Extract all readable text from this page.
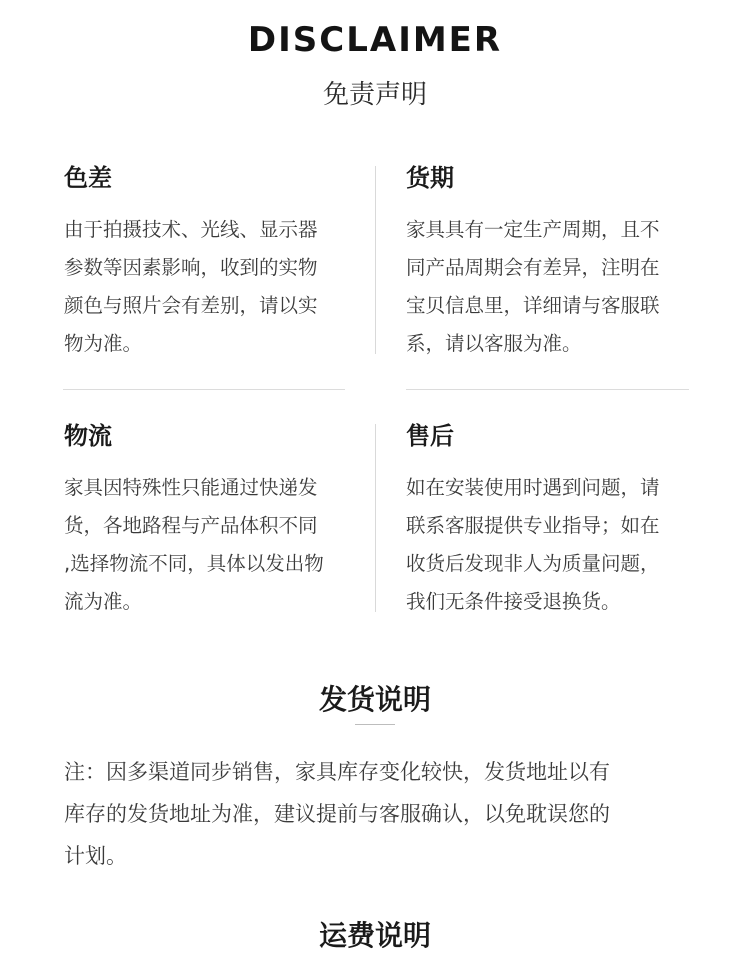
DISCLAIMER
免责声明
色差

由于拍摄技术、光线、显示器
参数等因素影响，收到的实物
颜色与照片会有差别，请以实
物为准。

货期

家具具有一定生产周期，且不
同产品周期会有差异，注明在
宝贝信息里，详细请与客服联
系，请以客服为准。

物流

家具因特殊性只能通过快递发
货，各地路程与产品体积不同
,选择物流不同，具体以发出物
流为准。

售后

如在安装使用时遇到问题，请
联系客服提供专业指导；如在
收货后发现非人为质量问题，
我们无条件接受退换货。

发货说明
注：因多渠道同步销售，家具库存变化较快，发货地址以有
库存的发货地址为准，建议提前与客服确认，以免耽误您的
计划。
运费说明
